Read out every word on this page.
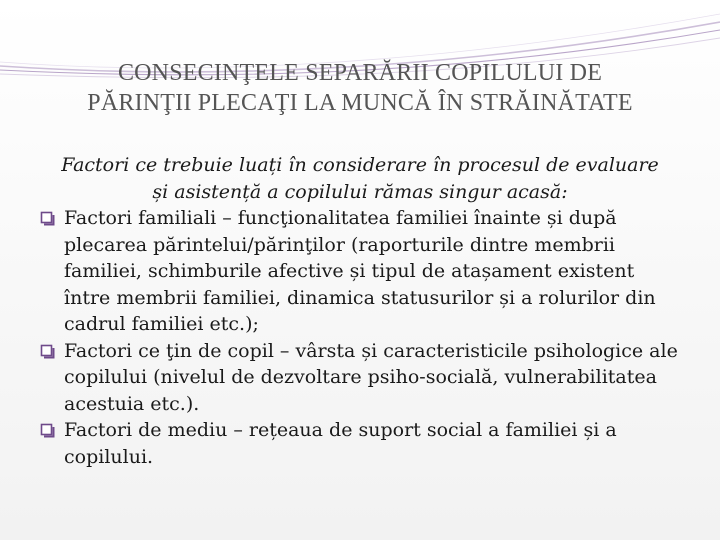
CONSECINŢELE SEPARĂRII COPILULUI DE
PĂRINŢII PLECAŢI LA MUNCĂ ÎN STRĂINĂTATE
Factori ce trebuie luați în considerare în procesul de evaluare și asistență a copilului rămas singur acasă:
Factori familiali – funcţionalitatea familiei înainte și după plecarea părintelui/părinţilor (raporturile dintre membrii familiei, schimburile afective și tipul de atașament existent între membrii familiei, dinamica statusurilor și a rolurilor din cadrul familiei etc.);
Factori ce ţin de copil – vârsta și caracteristicile psihologice ale copilului (nivelul de dezvoltare psiho-socială, vulnerabilitatea acestuia etc.).
Factori de mediu – rețeaua de suport social a familiei și a copilului.
